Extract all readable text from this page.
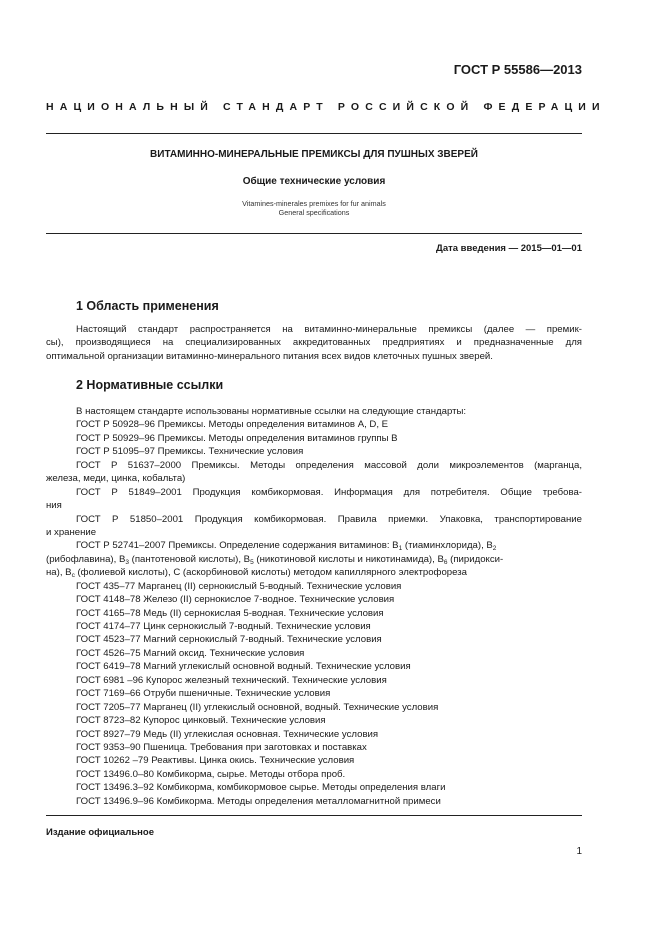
ГОСТ Р 55586—2013
НАЦИОНАЛЬНЫЙ СТАНДАРТ РОССИЙСКОЙ ФЕДЕРАЦИИ
ВИТАМИННО-МИНЕРАЛЬНЫЕ ПРЕМИКСЫ ДЛЯ ПУШНЫХ ЗВЕРЕЙ
Общие технические условия
Vitamines-minerales premixes for fur animals
General specifications
Дата введения — 2015—01—01
1 Область применения
Настоящий стандарт распространяется на витаминно-минеральные премиксы (далее — премик-
сы), производящиеся на специализированных аккредитованных предприятиях и предназначенные для
оптимальной организации витаминно-минерального питания всех видов клеточных пушных зверей.
2 Нормативные ссылки
В настоящем стандарте использованы нормативные ссылки на следующие стандарты:
ГОСТ Р 50928–96 Премиксы. Методы определения витаминов А, D, Е
ГОСТ Р 50929–96 Премиксы. Методы определения витаминов группы В
ГОСТ Р 51095–97 Премиксы. Технические условия
ГОСТ Р 51637–2000 Премиксы. Методы определения массовой доли микроэлементов (марганца,
железа, меди, цинка, кобальта)
ГОСТ Р 51849–2001 Продукция комбикормовая. Информация для потребителя. Общие требова-
ния
ГОСТ Р 51850–2001 Продукция комбикормовая. Правила приемки. Упаковка, транспортирование
и хранение
ГОСТ Р 52741–2007 Премиксы. Определение содержания витаминов: $В_1$ (тиаминхлорида), $В_2$
(рибофлавина), $В_3$ (пантотеновой кислоты), $В_5$ (никотиновой кислоты и никотинамида), $В_6$ (пиридокси-
на), $В_c$ (фолиевой кислоты), С (аскорбиновой кислоты) методом капиллярного электрофореза
ГОСТ 435–77 Марганец (II) сернокислый 5-водный. Технические условия
ГОСТ 4148–78 Железо (II) сернокислое 7-водное. Технические условия
ГОСТ 4165–78 Медь (II) сернокислая 5-водная. Технические условия
ГОСТ 4174–77 Цинк сернокислый 7-водный. Технические условия
ГОСТ 4523–77 Магний сернокислый 7-водный. Технические условия
ГОСТ 4526–75 Магний оксид. Технические условия
ГОСТ 6419–78 Магний углекислый основной водный. Технические условия
ГОСТ 6981 –96 Купорос железный технический. Технические условия
ГОСТ 7169–66 Отруби пшеничные. Технические условия
ГОСТ 7205–77 Марганец (II) углекислый основной, водный. Технические условия
ГОСТ 8723–82 Купорос цинковый. Технические условия
ГОСТ 8927–79 Медь (II) углекислая основная. Технические условия
ГОСТ 9353–90 Пшеница. Требования при заготовках и поставках
ГОСТ 10262 –79 Реактивы. Цинка окись. Технические условия
ГОСТ 13496.0–80 Комбикорма, сырье. Методы отбора проб.
ГОСТ 13496.3–92 Комбикорма, комбикормовое сырье. Методы определения влаги
ГОСТ 13496.9–96 Комбикорма. Методы определения металломагнитной примеси
Издание официальное
1
